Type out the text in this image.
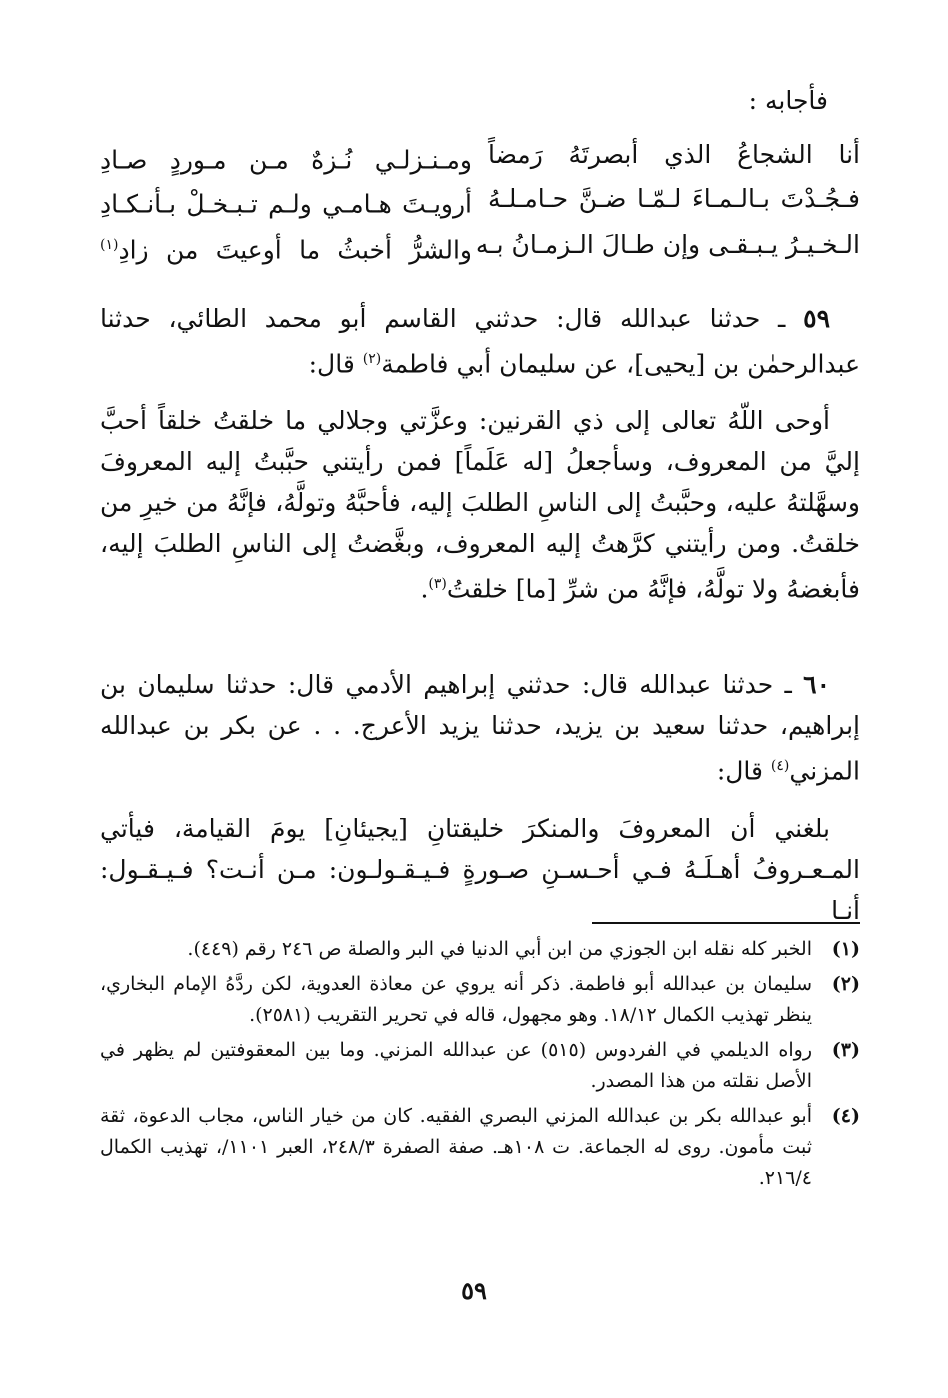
فأجابه :
أنا الشجاعُ الذي أبصرتَهُ رَمضاً
ومـنـزلـي نُـزهٌ مـن مـوردٍ صـادِ
فـجُـدْتَ بـالـمـاءَ لـمّـا ضـنَّ حـامـلـهُ
أرويـتَ هـامـي ولـم تـبـخـلْ بـأنـكـادِ
الـخـيـرُ يـبـقـى وإن طـالَ الـزمـانُ بـه
والشرُّ أخبثُ ما أوعيتَ من زادِ$^{(١)}$
٥٩ ـ حدثنا عبدالله قال: حدثني القاسم أبو محمد الطائي، حدثنا عبدالرحمٰن بن [يحيى]، عن سليمان أبي فاطمة$^{(٢)}$ قال:
أوحى اللّهُ تعالى إلى ذي القرنين: وعزَّتي وجلالي ما خلقتُ خلقاً أحبَّ إليَّ من المعروف، وسأجعلُ [له عَلَماً] فمن رأيتني حبَّبتُ إليه المعروفَ وسهَّلتهُ عليه، وحبَّبتُ إلى الناسِ الطلبَ إليه، فأحبَّهُ وتولَّهُ، فإنَّهُ من خيرِ من خلقتُ. ومن رأيتني كرَّهتُ إليه المعروف، وبغَّضتُ إلى الناسِ الطلبَ إليه، فأبغضهُ ولا تولَّهُ، فإنَّهُ من شرِّ [ما] خلقتُ$^{(٣)}$.
٦٠ ـ حدثنا عبدالله قال: حدثني إبراهيم الأدمي قال: حدثنا سليمان بن إبراهيم، حدثنا سعيد بن يزيد، حدثنا يزيد الأعرج. . . عن بكر بن عبدالله المزني$^{(٤)}$ قال:
بلغني أن المعروفَ والمنكرَ خليقتانِ [يجيئانِ] يومَ القيامة، فيأتي المـعـروفُ أهـلَـهُ فـي أحـسـنِ صـورةٍ فـيـقـولـون: مـن أنـت؟ فـيـقـول: أنـا
(١)
الخبر كله نقله ابن الجوزي من ابن أبي الدنيا في البر والصلة ص ٢٤٦ رقم (٤٤٩).
(٢)
سليمان بن عبدالله أبو فاطمة. ذكر أنه يروي عن معاذة العدوية، لكن ردَّهُ الإمام البخاري، ينظر تهذيب الكمال ١٨/١٢. وهو مجهول، قاله في تحرير التقريب (٢٥٨١).
(٣)
رواه الديلمي في الفردوس (٥١٥) عن عبدالله المزني. وما بين المعقوفتين لم يظهر في الأصل نقلته من هذا المصدر.
(٤)
أبو عبدالله بكر بن عبدالله المزني البصري الفقيه. كان من خيار الناس، مجاب الدعوة، ثقة ثبت مأمون. روى له الجماعة. ت ١٠٨هـ. صفة الصفرة ٢٤٨/٣، العبر ١١٠١/، تهذيب الكمال ٢١٦/٤.
٥٩
